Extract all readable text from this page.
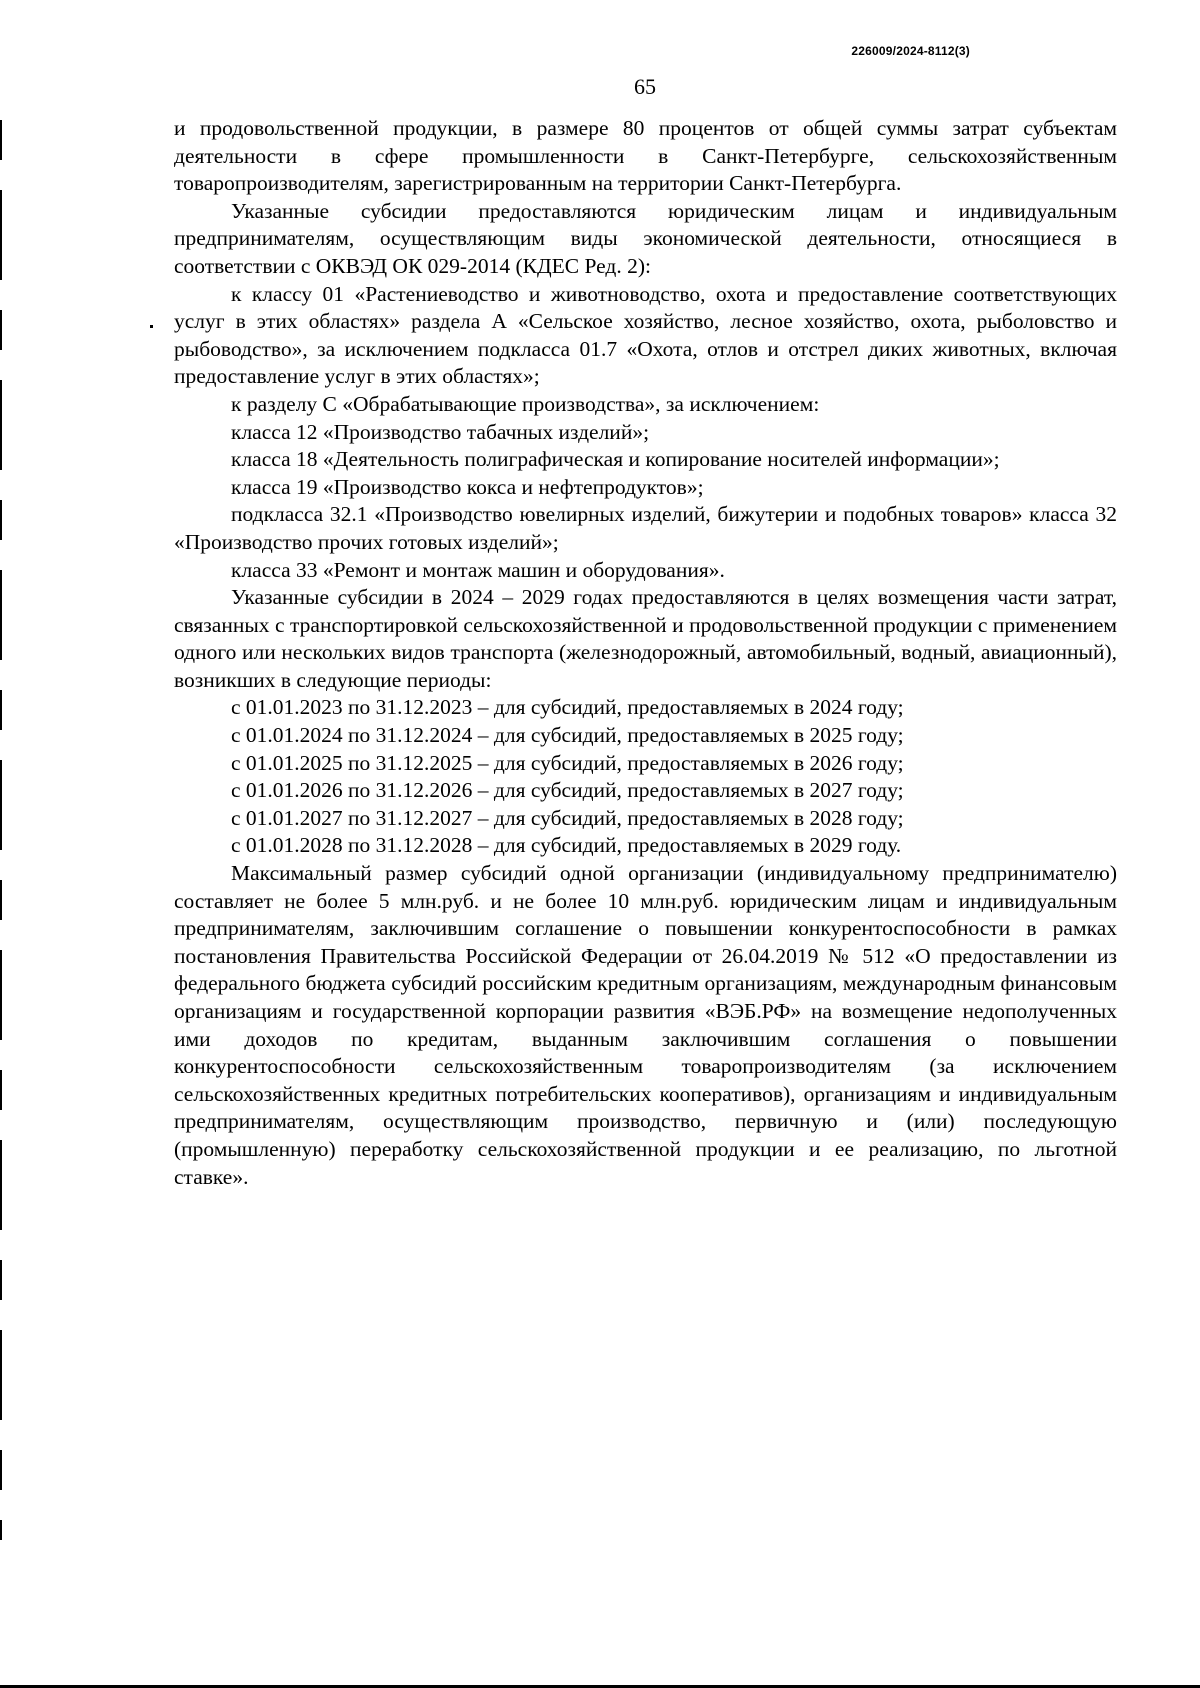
226009/2024-8112(3)
65

и продовольственной продукции, в размере 80 процентов от общей суммы затрат субъектам деятельности в сфере промышленности в Санкт-Петербурге, сельскохозяйственным товаропроизводителям, зарегистрированным на территории Санкт-Петербурга.

Указанные субсидии предоставляются юридическим лицам и индивидуальным предпринимателям, осуществляющим виды экономической деятельности, относящиеся в соответствии с ОКВЭД ОК 029-2014 (КДЕС Ред. 2):

к классу 01 «Растениеводство и животноводство, охота и предоставление соответствующих услуг в этих областях» раздела А «Сельское хозяйство, лесное хозяйство, охота, рыболовство и рыбоводство», за исключением подкласса 01.7 «Охота, отлов и отстрел диких животных, включая предоставление услуг в этих областях»;

к разделу С «Обрабатывающие производства», за исключением:

класса 12 «Производство табачных изделий»;

класса 18 «Деятельность полиграфическая и копирование носителей информации»;

класса 19 «Производство кокса и нефтепродуктов»;

подкласса 32.1 «Производство ювелирных изделий, бижутерии и подобных товаров» класса 32 «Производство прочих готовых изделий»;

класса 33 «Ремонт и монтаж машин и оборудования».

Указанные субсидии в 2024 – 2029 годах предоставляются в целях возмещения части затрат, связанных с транспортировкой сельскохозяйственной и продовольственной продукции с применением одного или нескольких видов транспорта (железнодорожный, автомобильный, водный, авиационный), возникших в следующие периоды:

с 01.01.2023 по 31.12.2023 – для субсидий, предоставляемых в 2024 году;

с 01.01.2024 по 31.12.2024 – для субсидий, предоставляемых в 2025 году;

с 01.01.2025 по 31.12.2025 – для субсидий, предоставляемых в 2026 году;

с 01.01.2026 по 31.12.2026 – для субсидий, предоставляемых в 2027 году;

с 01.01.2027 по 31.12.2027 – для субсидий, предоставляемых в 2028 году;

с 01.01.2028 по 31.12.2028 – для субсидий, предоставляемых в 2029 году.

Максимальный размер субсидий одной организации (индивидуальному предпринимателю) составляет не более 5 млн.руб. и не более 10 млн.руб. юридическим лицам и индивидуальным предпринимателям, заключившим соглашение о повышении конкурентоспособности в рамках постановления Правительства Российской Федерации от 26.04.2019 № 512 «О предоставлении из федерального бюджета субсидий российским кредитным организациям, международным финансовым организациям и государственной корпорации развития «ВЭБ.РФ» на возмещение недополученных ими доходов по кредитам, выданным заключившим соглашения о повышении конкурентоспособности сельскохозяйственным товаропроизводителям (за исключением сельскохозяйственных кредитных потребительских кооперативов), организациям и индивидуальным предпринимателям, осуществляющим производство, первичную и (или) последующую (промышленную) переработку сельскохозяйственной продукции и ее реализацию, по льготной ставке».
